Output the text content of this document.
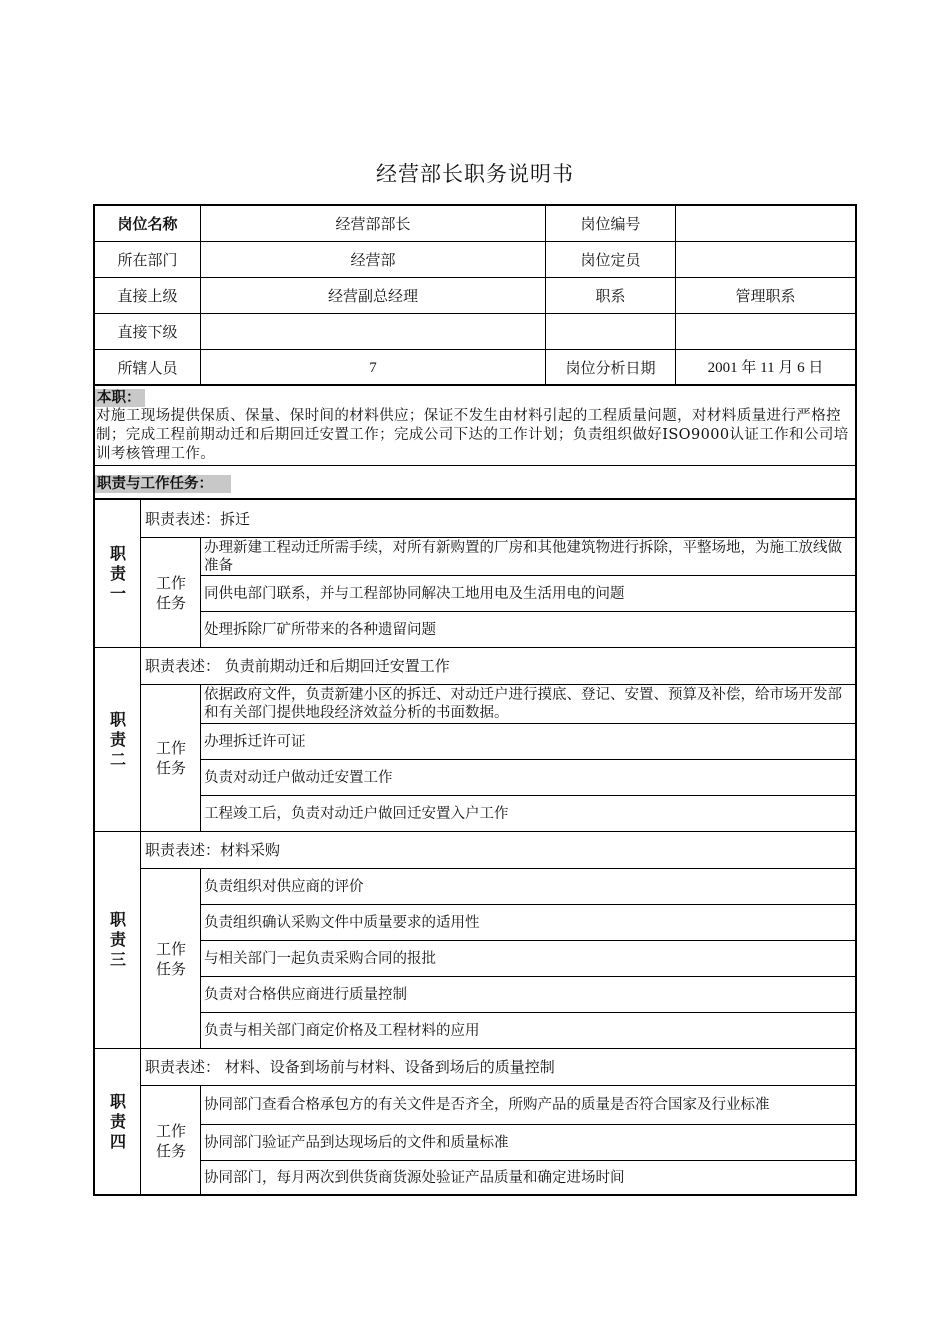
经营部长职务说明书
岗位名称	经营部部长	岗位编号
所在部门	经营部	岗位定员
直接上级	经营副总经理	职系	管理职系
直接下级
所辖人员	7	岗位分析日期	2001 年 11 月 6 日
本职：
对施工现场提供保质、保量、保时间的材料供应；保证不发生由材料引起的工程质量问题，对材料质量进行严格控制；完成工程前期动迁和后期回迁安置工作；完成公司下达的工作计划；负责组织做好ISO9000认证工作和公司培训考核管理工作。
职责与工作任务：
职责一
职责表述：拆迁
工作任务
办理新建工程动迁所需手续，对所有新购置的厂房和其他建筑物进行拆除，平整场地，为施工放线做准备
同供电部门联系，并与工程部协同解决工地用电及生活用电的问题
处理拆除厂矿所带来的各种遗留问题
职责二
职责表述： 负责前期动迁和后期回迁安置工作
工作任务
依据政府文件，负责新建小区的拆迁、对动迁户进行摸底、登记、安置、预算及补偿，给市场开发部和有关部门提供地段经济效益分析的书面数据。
办理拆迁许可证
负责对动迁户做动迁安置工作
工程竣工后，负责对动迁户做回迁安置入户工作
职责三
职责表述：材料采购
工作任务
负责组织对供应商的评价
负责组织确认采购文件中质量要求的适用性
与相关部门一起负责采购合同的报批
负责对合格供应商进行质量控制
负责与相关部门商定价格及工程材料的应用
职责四
职责表述： 材料、设备到场前与材料、设备到场后的质量控制
工作任务
协同部门查看合格承包方的有关文件是否齐全，所购产品的质量是否符合国家及行业标准
协同部门验证产品到达现场后的文件和质量标准
协同部门，每月两次到供货商货源处验证产品质量和确定进场时间
